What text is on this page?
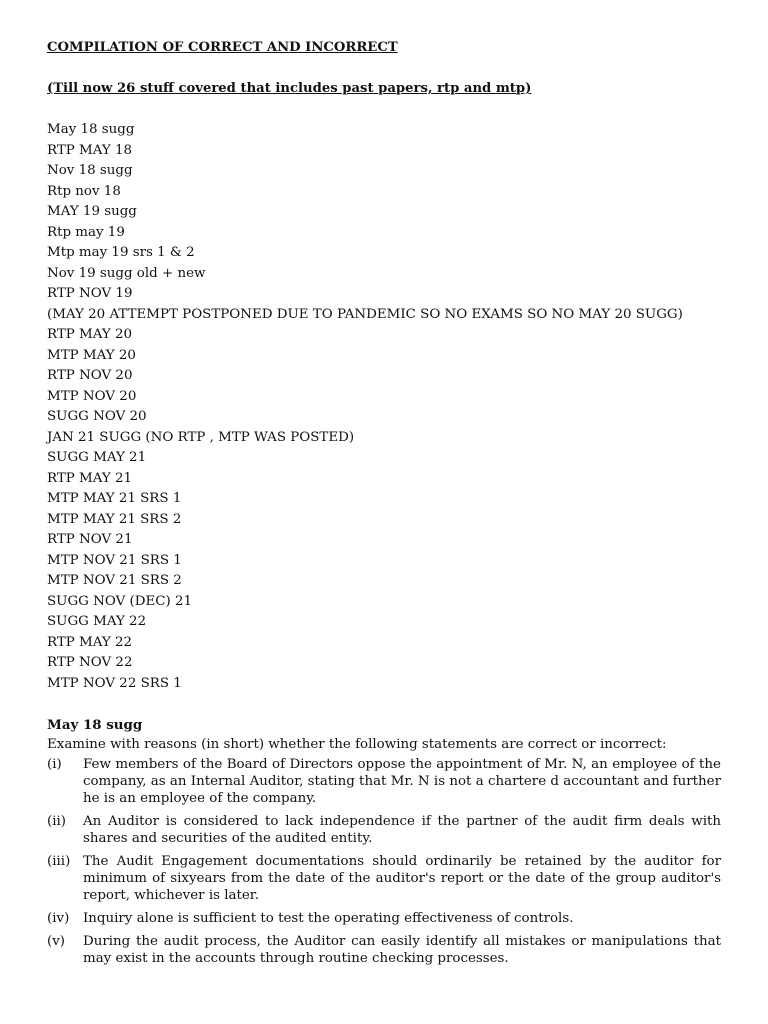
COMPILATION OF CORRECT AND INCORRECT

(Till now 26 stuff covered that includes past papers, rtp and mtp)

May 18 sugg
RTP MAY 18
Nov 18 sugg
Rtp nov 18
MAY 19 sugg
Rtp may 19
Mtp may 19 srs 1 & 2
Nov 19 sugg old + new
RTP NOV 19
(MAY 20 ATTEMPT POSTPONED DUE TO PANDEMIC SO NO EXAMS SO NO MAY 20 SUGG)
RTP MAY 20
MTP MAY 20
RTP NOV 20
MTP NOV 20
SUGG NOV 20
JAN 21 SUGG (NO RTP , MTP WAS POSTED)
SUGG MAY 21
RTP MAY 21
MTP MAY 21 SRS 1
MTP MAY 21 SRS 2
RTP NOV 21
MTP NOV 21 SRS 1
MTP NOV 21 SRS 2
SUGG NOV (DEC) 21
SUGG MAY 22
RTP MAY 22
RTP NOV 22
MTP NOV 22 SRS 1
May 18 sugg
Examine with reasons (in short) whether the following statements are correct or incorrect:
(i)	Few members of the Board of Directors oppose the appointment of Mr. N, an employee of the company, as an Internal Auditor, stating that Mr. N is not a chartere d accountant and further he is an employee of the company.
(ii)	An Auditor is considered to lack independence if the partner of the audit firm deals with shares and securities of the audited entity.
(iii) The Audit Engagement documentations should ordinarily be retained by the auditor for minimum of sixyears from the date of the auditor's report or the date of the group auditor's report, whichever is later.
(iv)	Inquiry alone is sufficient to test the operating effectiveness of controls.
(v)	During the audit process, the Auditor can easily identify all mistakes or manipulations that may exist in the accounts through routine checking processes.
